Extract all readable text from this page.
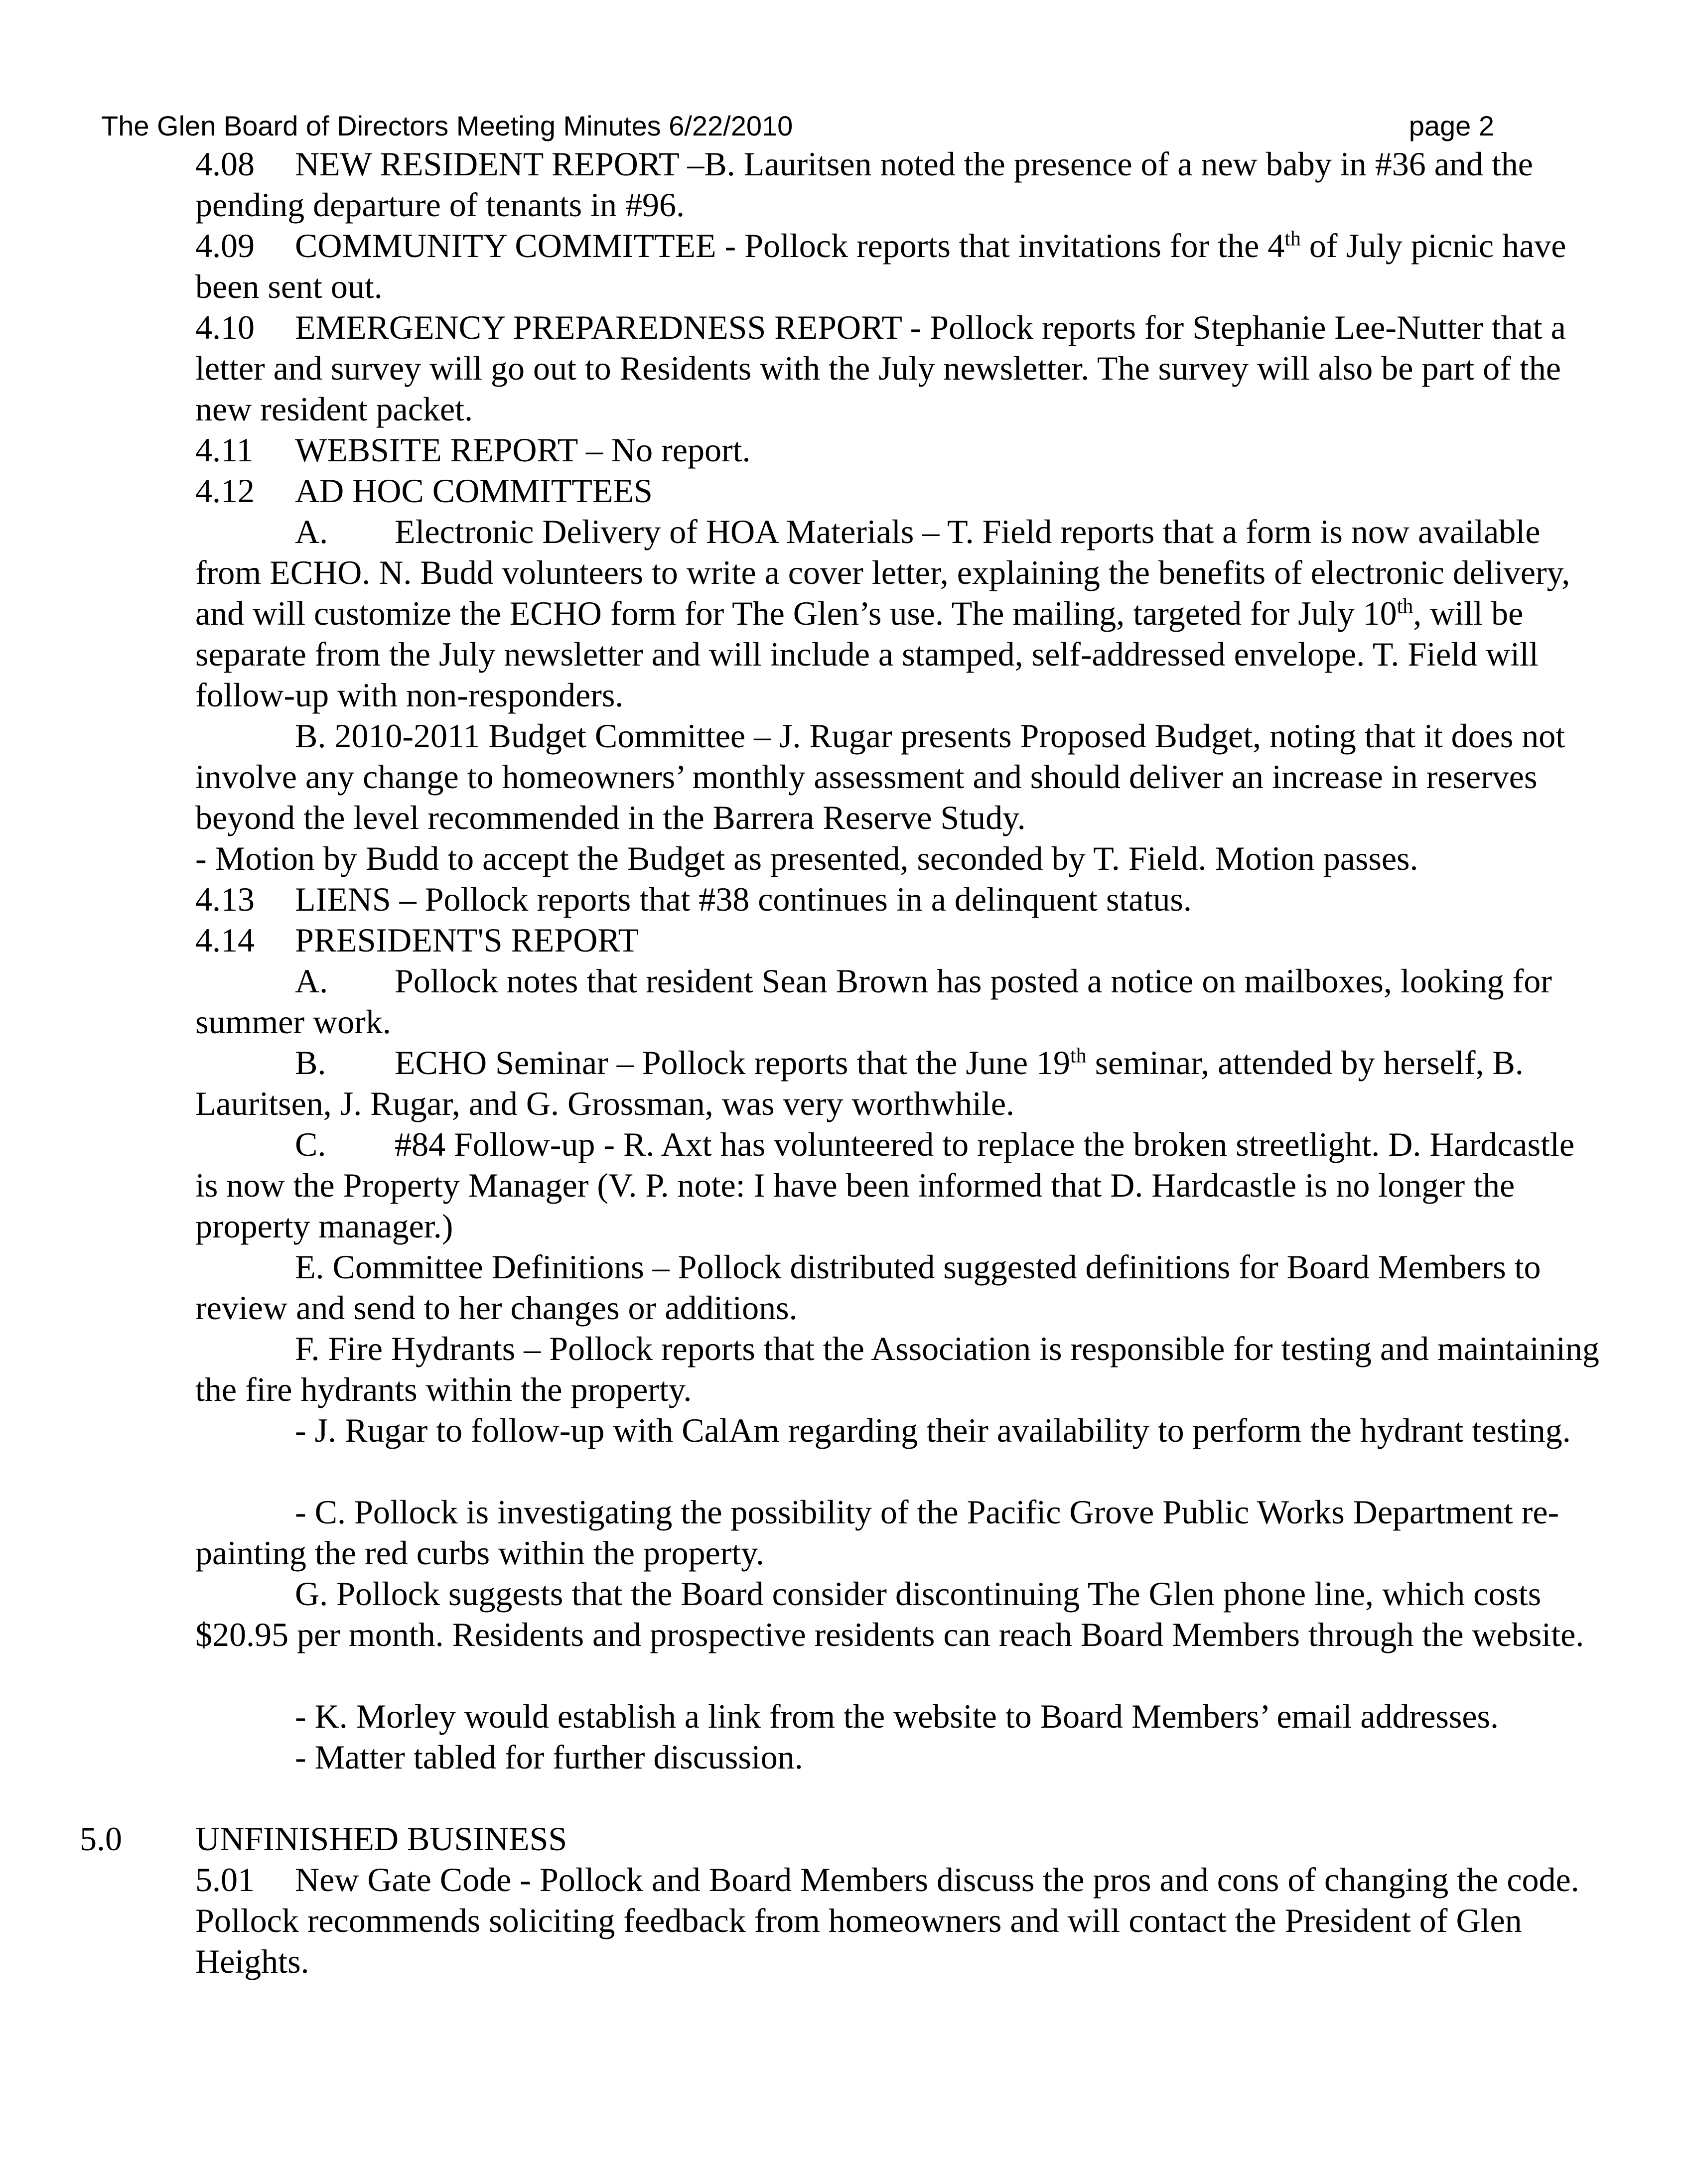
The Glen Board of Directors Meeting Minutes 6/22/2010	page 2

4.08 NEW RESIDENT REPORT –B. Lauritsen noted the presence of a new baby in #36 and the pending departure of tenants in #96.

4.09 COMMUNITY COMMITTEE - Pollock reports that invitations for the 4th of July picnic have been sent out.

4.10 EMERGENCY PREPAREDNESS REPORT - Pollock reports for Stephanie Lee-Nutter that a letter and survey will go out to Residents with the July newsletter. The survey will also be part of the new resident packet.

4.11 WEBSITE REPORT – No report.

4.12 AD HOC COMMITTEES

A. Electronic Delivery of HOA Materials – T. Field reports that a form is now available from ECHO. N. Budd volunteers to write a cover letter, explaining the benefits of electronic delivery, and will customize the ECHO form for The Glen’s use. The mailing, targeted for July 10th, will be separate from the July newsletter and will include a stamped, self-addressed envelope. T. Field will follow-up with non-responders.

B. 2010-2011 Budget Committee – J. Rugar presents Proposed Budget, noting that it does not involve any change to homeowners’ monthly assessment and should deliver an increase in reserves beyond the level recommended in the Barrera Reserve Study.

- Motion by Budd to accept the Budget as presented, seconded by T. Field. Motion passes.

4.13 LIENS – Pollock reports that #38 continues in a delinquent status.

4.14 PRESIDENT'S REPORT

A. Pollock notes that resident Sean Brown has posted a notice on mailboxes, looking for summer work.

B. ECHO Seminar – Pollock reports that the June 19th seminar, attended by herself, B. Lauritsen, J. Rugar, and G. Grossman, was very worthwhile.

C. #84 Follow-up - R. Axt has volunteered to replace the broken streetlight. D. Hardcastle is now the Property Manager (V. P. note: I have been informed that D. Hardcastle is no longer the property manager.)

E. Committee Definitions – Pollock distributed suggested definitions for Board Members to review and send to her changes or additions.

F. Fire Hydrants – Pollock reports that the Association is responsible for testing and maintaining the fire hydrants within the property.

- J. Rugar to follow-up with CalAm regarding their availability to perform the hydrant testing.

- C. Pollock is investigating the possibility of the Pacific Grove Public Works Department re-painting the red curbs within the property.

G. Pollock suggests that the Board consider discontinuing The Glen phone line, which costs $20.95 per month. Residents and prospective residents can reach Board Members through the website.

- K. Morley would establish a link from the website to Board Members’ email addresses.

- Matter tabled for further discussion.

5.0 UNFINISHED BUSINESS

5.01 New Gate Code - Pollock and Board Members discuss the pros and cons of changing the code. Pollock recommends soliciting feedback from homeowners and will contact the President of Glen Heights.
